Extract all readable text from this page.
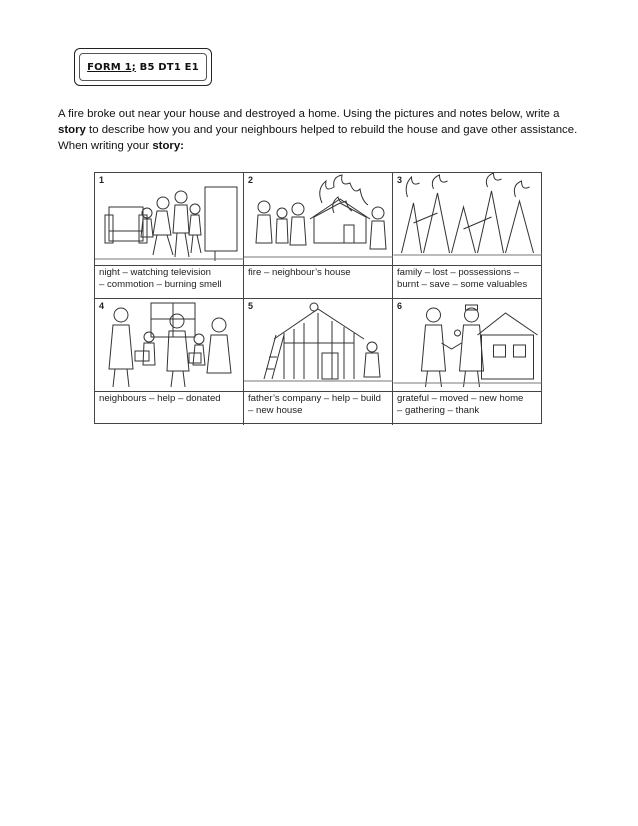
FORM 1; B5 DT1 E1
A fire broke out near your house and destroyed a home. Using the pictures and notes below, write a
story to describe how you and your neighbours helped to rebuild the house and gave other assistance.
When writing your story:
1
night – watching television
– commotion – burning smell
2
fire – neighbour’s house
3
family – lost – possessions –
burnt – save – some valuables
4
neighbours – help – donated
5
father’s company – help – build
– new house
6
grateful – moved – new home
– gathering – thank
